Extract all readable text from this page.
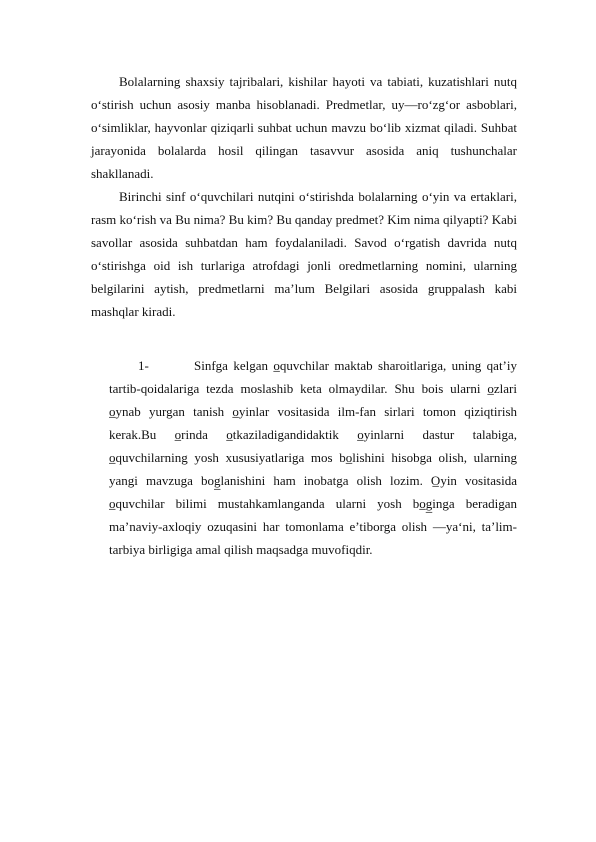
Bolalarning shaxsiy tajribalari, kishilar hayoti va tabiati, kuzatishlari nutq o‘stirish uchun asosiy manba hisoblanadi. Predmetlar, uy—ro‘zg‘or asboblari, o‘simliklar, hayvonlar qiziqarli suhbat uchun mavzu bo‘lib xizmat qiladi. Suhbat jarayonida bolalarda hosil qilingan tasavvur asosida aniq tushunchalar shakllanadi.

Birinchi sinf o‘quvchilari nutqini o‘stirishda bolalarning o‘yin va ertaklari, rasm ko‘rish va Bu nima? Bu kim? Bu qanday predmet? Kim nima qilyapti? Kabi savollar asosida suhbatdan ham foydalaniladi. Savod o‘rgatish davrida nutq o‘stirishga oid ish turlariga atrofdagi jonli oredmetlarning nomini, ularning belgilarini aytish, predmetlarni ma’lum Belgilari asosida gruppalash kabi mashqlar kiradi.

1-	Sinfga kelgan o̲quvchilar maktab sharoitlariga, uning qat’iy tartib-qoidalariga tezda moslashib keta olmaydilar. Shu bois ularni o̲zlari o̲ynab yurgan tanish o̲yinlar vositasida ilm-fan sirlari tomon qiziqtirish kerak.Bu o̲rinda o̲tkaziladigandidaktik o̲yinlarni dastur talabiga, o̲quvchilarning yosh xususiyatlariga mos bo̲lishini hisobga olish, ularning yangi mavzuga bog̲lanishini ham inobatga olish lozim. O̲yin vositasida o̲quvchilar bilimi mustahkamlanganda ularni yosh bo̲g̲inga beradigan ma’naviy-axloqiy ozuqasini har tomonlama e’tiborga olish —ya‘ni, ta’lim-tarbiya birligiga amal qilish maqsadga muvofiqdir.
